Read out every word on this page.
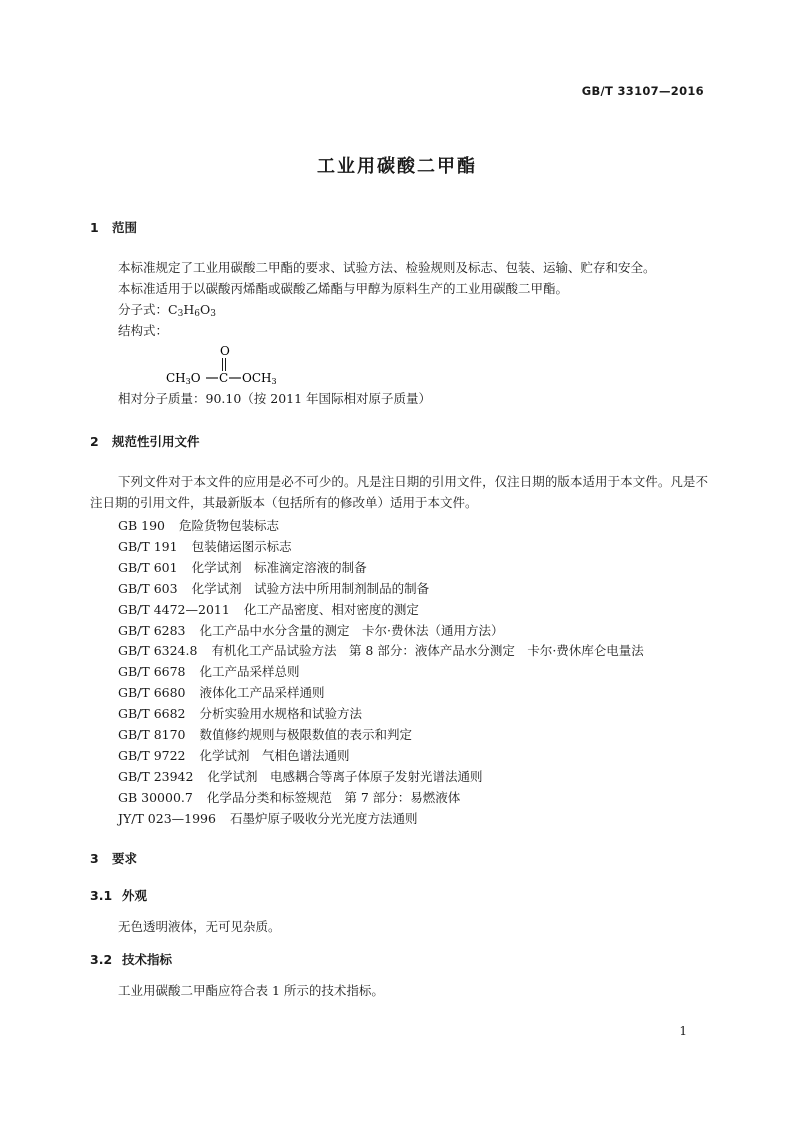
GB/T 33107—2016
工业用碳酸二甲酯
1 范围
本标准规定了工业用碳酸二甲酯的要求、试验方法、检验规则及标志、包装、运输、贮存和安全。
本标准适用于以碳酸丙烯酯或碳酸乙烯酯与甲醇为原料生产的工业用碳酸二甲酯。
分子式：$C_3H_6O_3$
结构式：
O
CH3O C OCH3
相对分子质量：90.10（按 2011 年国际相对原子质量）
2 规范性引用文件
下列文件对于本文件的应用是必不可少的。凡是注日期的引用文件，仅注日期的版本适用于本文件。凡是不注日期的引用文件，其最新版本（包括所有的修改单）适用于本文件。
GB 190 危险货物包装标志
GB/T 191 包装储运图示标志
GB/T 601 化学试剂　标准滴定溶液的制备
GB/T 603 化学试剂　试验方法中所用制剂制品的制备
GB/T 4472—2011 化工产品密度、相对密度的测定
GB/T 6283 化工产品中水分含量的测定　卡尔·费休法（通用方法）
GB/T 6324.8 有机化工产品试验方法　第 8 部分：液体产品水分测定　卡尔·费休库仑电量法
GB/T 6678 化工产品采样总则
GB/T 6680 液体化工产品采样通则
GB/T 6682 分析实验用水规格和试验方法
GB/T 8170 数值修约规则与极限数值的表示和判定
GB/T 9722 化学试剂　气相色谱法通则
GB/T 23942 化学试剂　电感耦合等离子体原子发射光谱法通则
GB 30000.7 化学品分类和标签规范　第 7 部分：易燃液体
JY/T 023—1996 石墨炉原子吸收分光光度方法通则
3 要求
3.1 外观
无色透明液体，无可见杂质。
3.2 技术指标
工业用碳酸二甲酯应符合表 1 所示的技术指标。
1
